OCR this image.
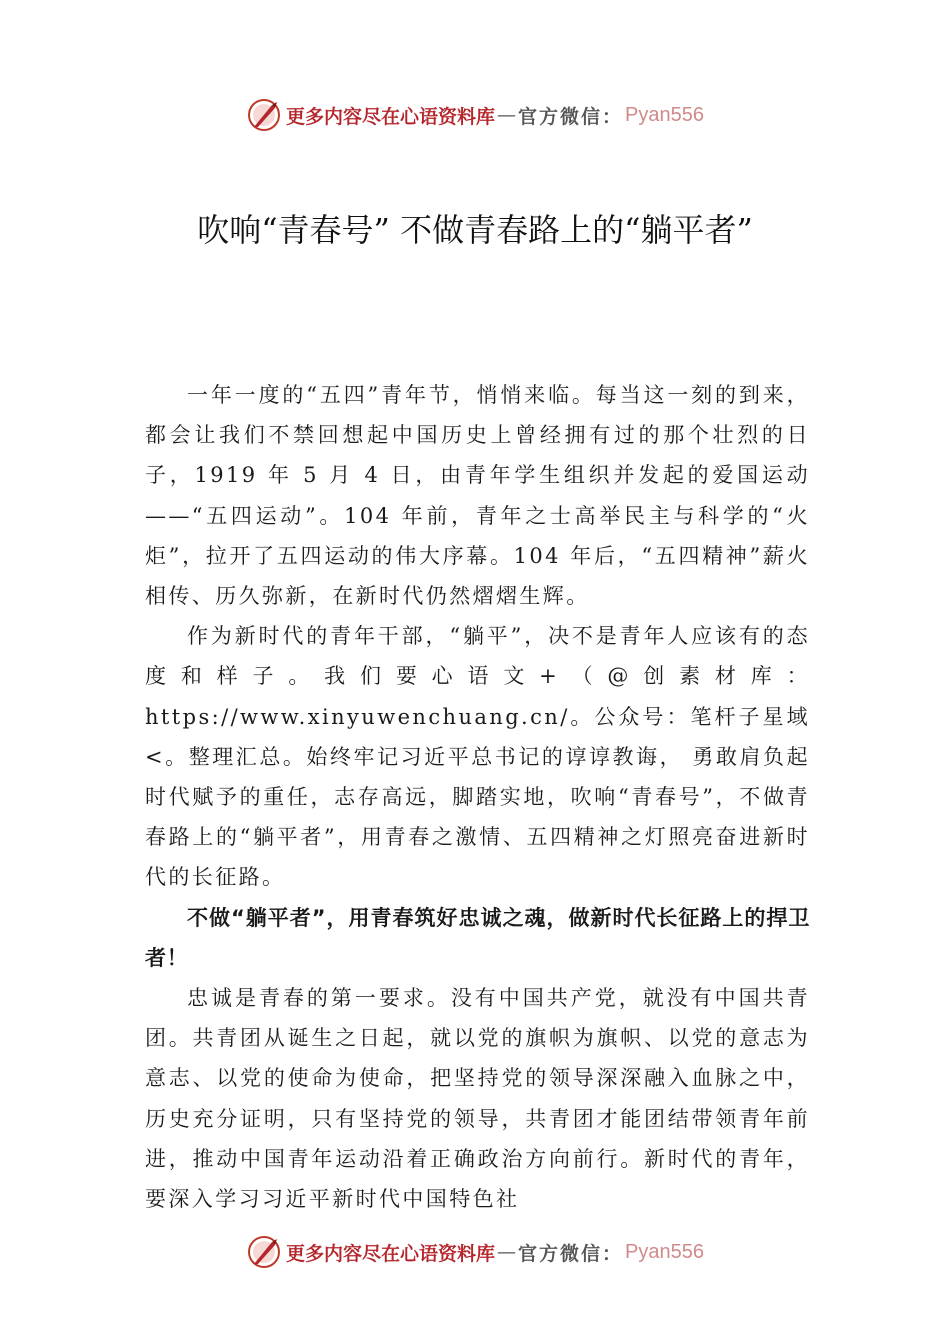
更多内容尽在心语资料库 — 官方微信： Pyan556
吹响“青春号” 不做青春路上的“躺平者”

一年一度的“五四”青年节，悄悄来临。每当这一刻的到来，都会让我们不禁回想起中国历史上曾经拥有过的那个壮烈的日子，1919 年 5 月 4 日，由青年学生组织并发起的爱国运动——“五四运动”。104 年前，青年之士高举民主与科学的“火炬”，拉开了五四运动的伟大序幕。104 年后，“五四精神”薪火相传、历久弥新，在新时代仍然熠熠生辉。

作为新时代的青年干部，“躺平”，决不是青年人应该有的态度和样子。我们要心语文+（@创素材库：https://www.xinyuwenchuang.cn/。公众号：笔杆子星域<。整理汇总。始终牢记习近平总书记的谆谆教诲， 勇敢肩负起时代赋予的重任，志存高远，脚踏实地，吹响“青春号”，不做青春路上的“躺平者”，用青春之激情、五四精神之灯照亮奋进新时代的长征路。

不做“躺平者”，用青春筑好忠诚之魂，做新时代长征路上的捍卫者！

忠诚是青春的第一要求。没有中国共产党，就没有中国共青团。共青团从诞生之日起，就以党的旗帜为旗帜、以党的意志为意志、以党的使命为使命，把坚持党的领导深深融入血脉之中，历史充分证明，只有坚持党的领导，共青团才能团结带领青年前进，推动中国青年运动沿着正确政治方向前行。新时代的青年，要深入学习习近平新时代中国特色社

更多内容尽在心语资料库 — 官方微信： Pyan556
